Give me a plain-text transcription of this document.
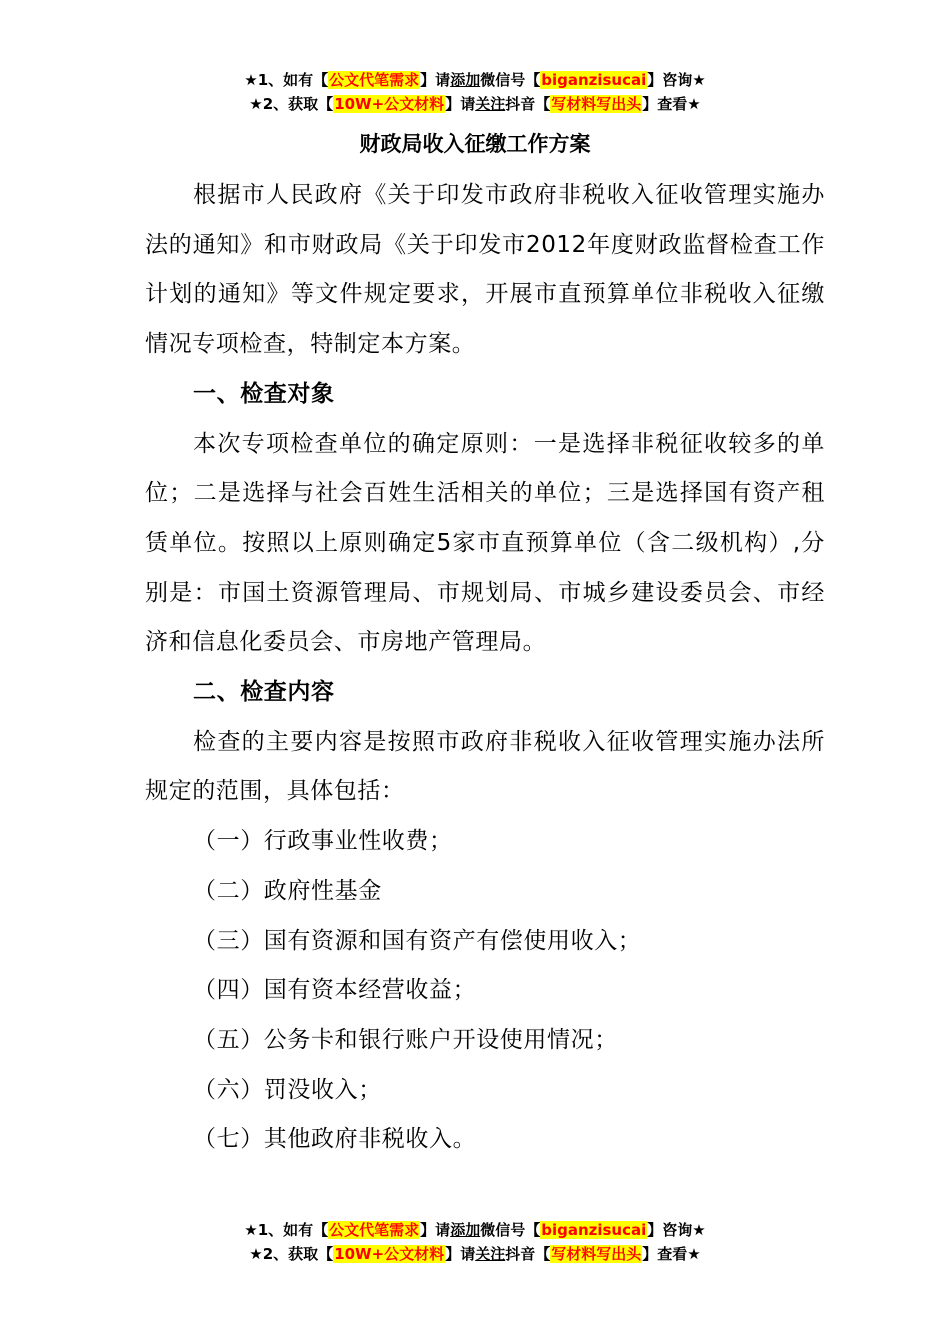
★1、如有【公文代笔需求】请添加微信号【biganzisucai】咨询★
★2、获取【10W+公文材料】请关注抖音【写材料写出头】查看★
财政局收入征缴工作方案

根据市人民政府《关于印发市政府非税收入征收管理实施办法的通知》和市财政局《关于印发市2012年度财政监督检查工作计划的通知》等文件规定要求，开展市直预算单位非税收入征缴情况专项检查，特制定本方案。

一、检查对象

本次专项检查单位的确定原则：一是选择非税征收较多的单位；二是选择与社会百姓生活相关的单位；三是选择国有资产租赁单位。按照以上原则确定5家市直预算单位（含二级机构）,分别是：市国土资源管理局、市规划局、市城乡建设委员会、市经济和信息化委员会、市房地产管理局。

二、检查内容

检查的主要内容是按照市政府非税收入征收管理实施办法所规定的范围，具体包括：

（一）行政事业性收费；

（二）政府性基金

（三）国有资源和国有资产有偿使用收入；

（四）国有资本经营收益；

（五）公务卡和银行账户开设使用情况；

（六）罚没收入；

（七）其他政府非税收入。

★1、如有【公文代笔需求】请添加微信号【biganzisucai】咨询★
★2、获取【10W+公文材料】请关注抖音【写材料写出头】查看★
